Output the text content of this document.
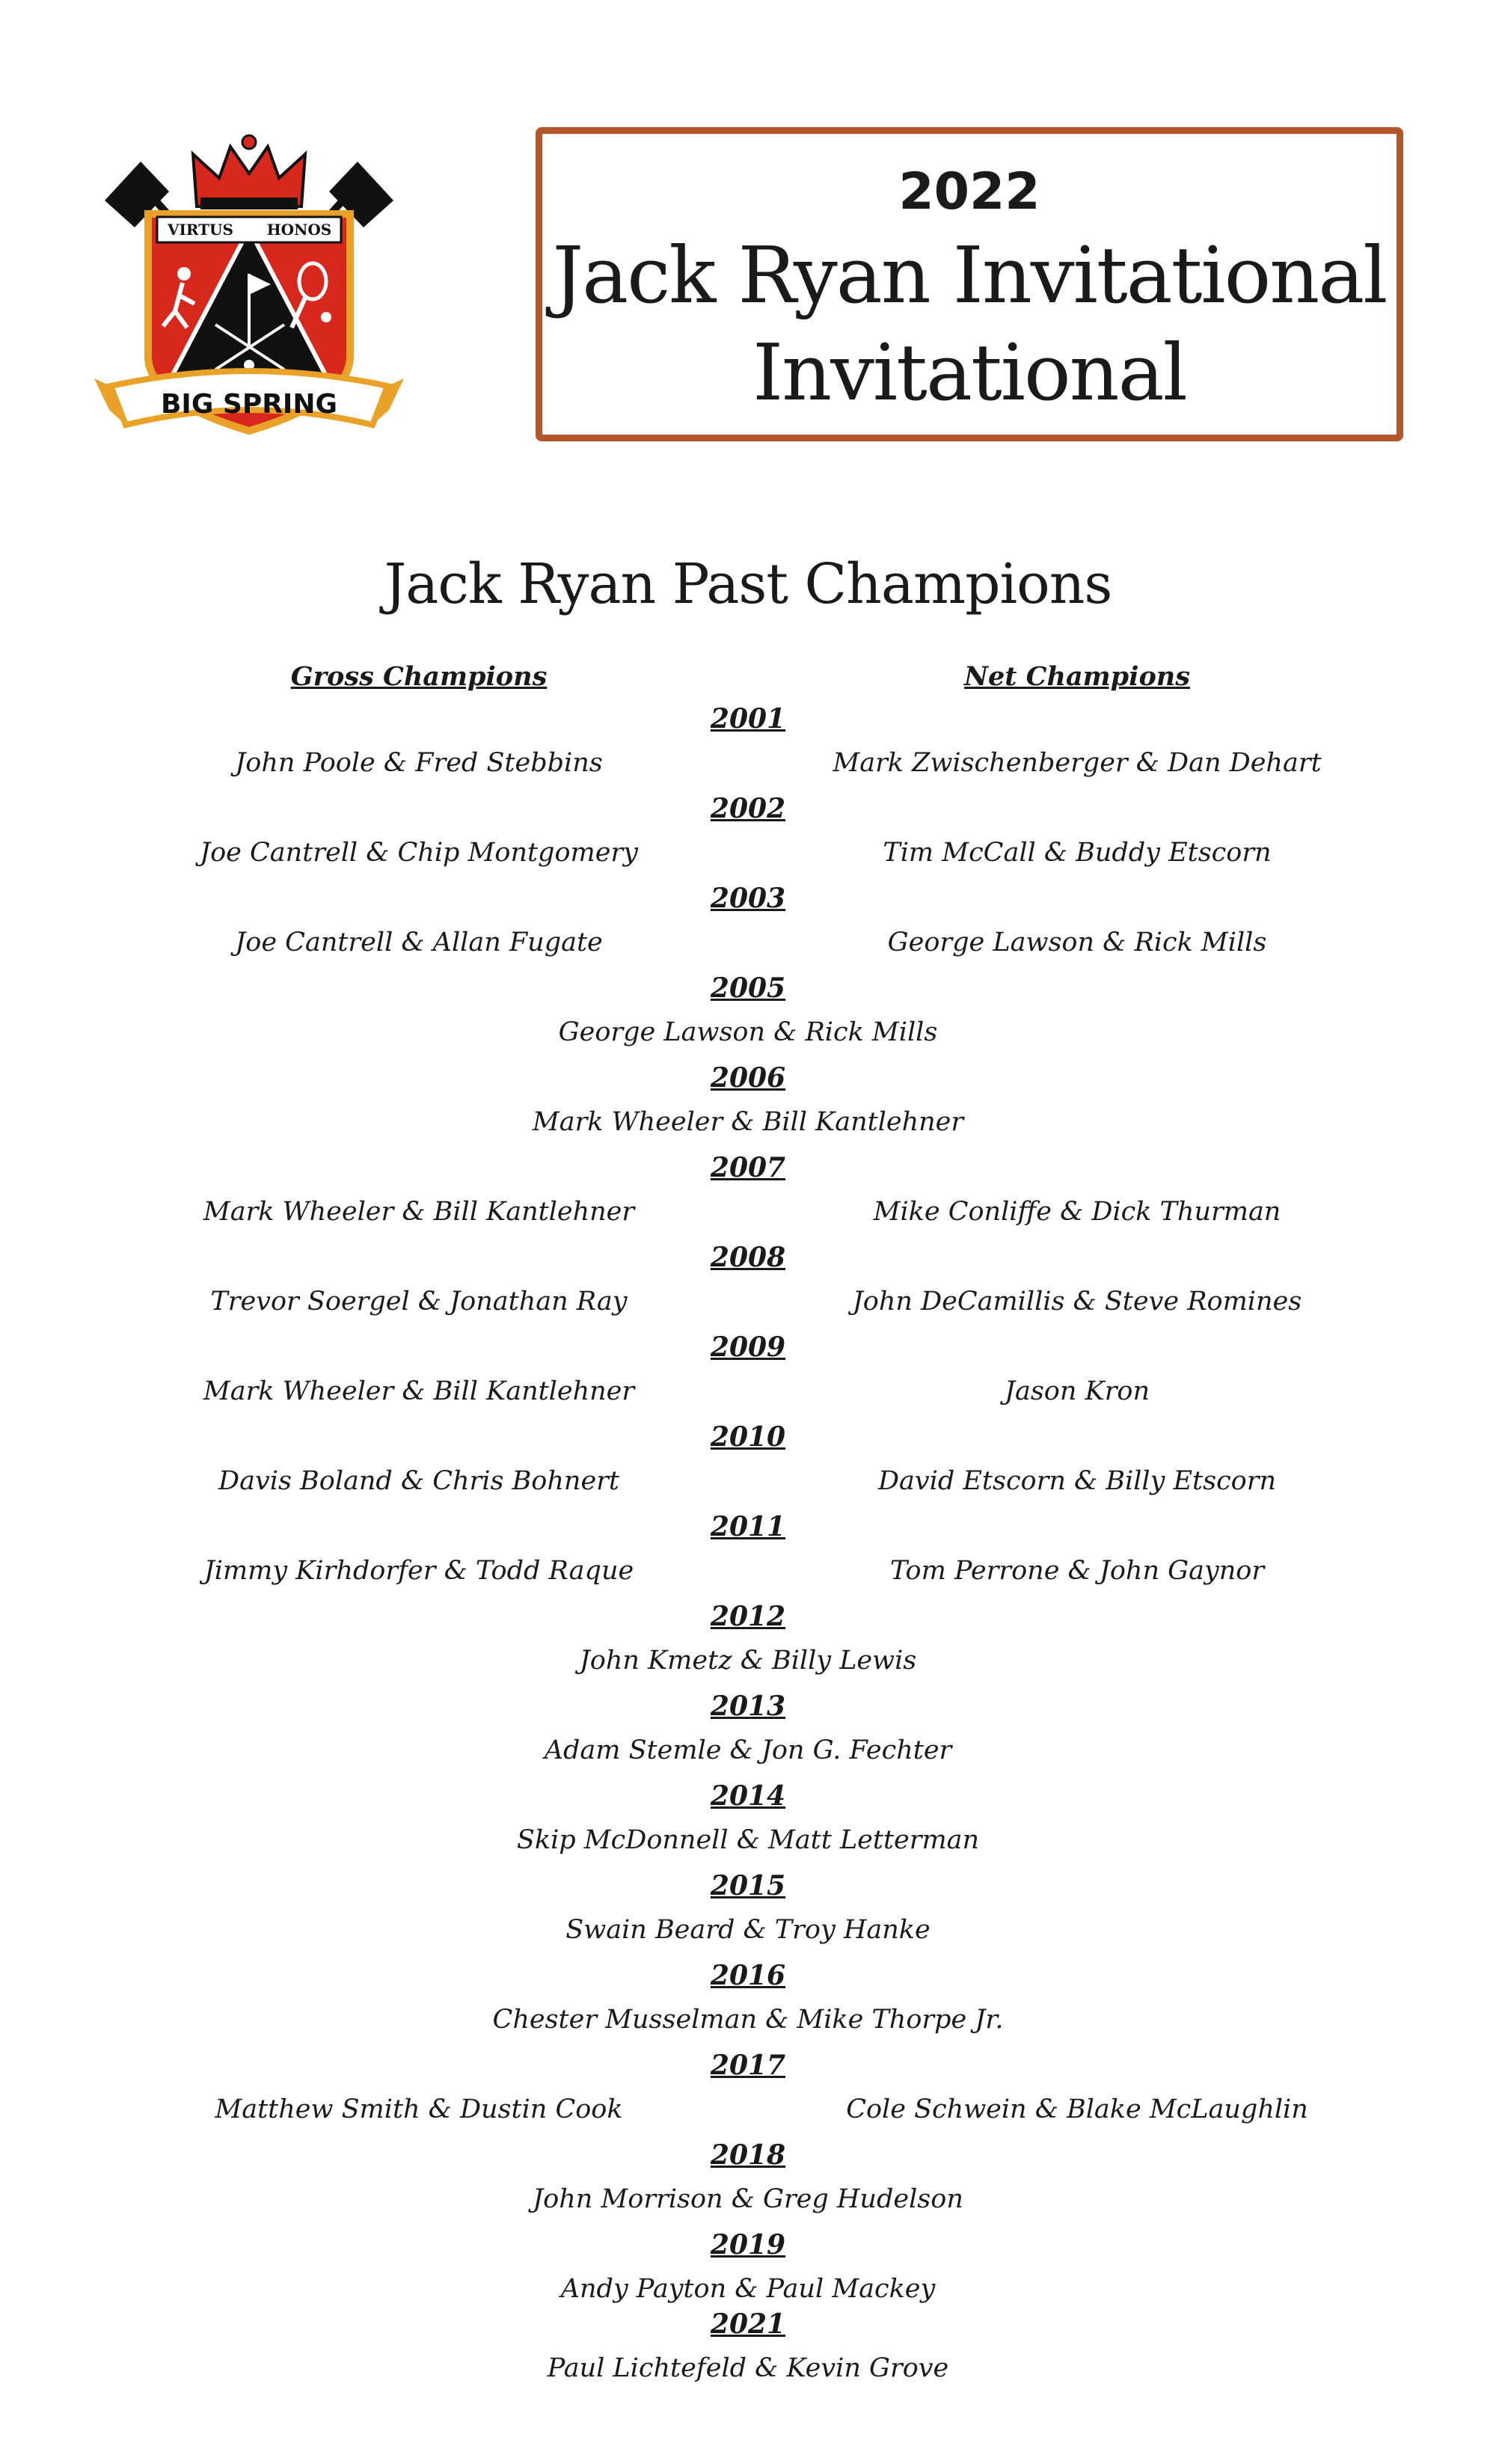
VIRTUS HONOS
BIG SPRING
2022
Jack Ryan Invitational
Invitational
Jack Ryan Past Champions
Gross Champions	Net Champions
2001
John Poole & Fred Stebbins	Mark Zwischenberger & Dan Dehart
2002
Joe Cantrell & Chip Montgomery	Tim McCall & Buddy Etscorn
2003
Joe Cantrell & Allan Fugate	George Lawson & Rick Mills
2005
George Lawson & Rick Mills
2006
Mark Wheeler & Bill Kantlehner
2007
Mark Wheeler & Bill Kantlehner	Mike Conliffe & Dick Thurman
2008
Trevor Soergel & Jonathan Ray	John DeCamillis & Steve Romines
2009
Mark Wheeler & Bill Kantlehner	Jason Kron
2010
Davis Boland & Chris Bohnert	David Etscorn & Billy Etscorn
2011
Jimmy Kirhdorfer & Todd Raque	Tom Perrone & John Gaynor
2012
John Kmetz & Billy Lewis
2013
Adam Stemle & Jon G. Fechter
2014
Skip McDonnell & Matt Letterman
2015
Swain Beard & Troy Hanke
2016
Chester Musselman & Mike Thorpe Jr.
2017
Matthew Smith & Dustin Cook	Cole Schwein & Blake McLaughlin
2018
John Morrison & Greg Hudelson
2019
Andy Payton & Paul Mackey
2021
Paul Lichtefeld & Kevin Grove
